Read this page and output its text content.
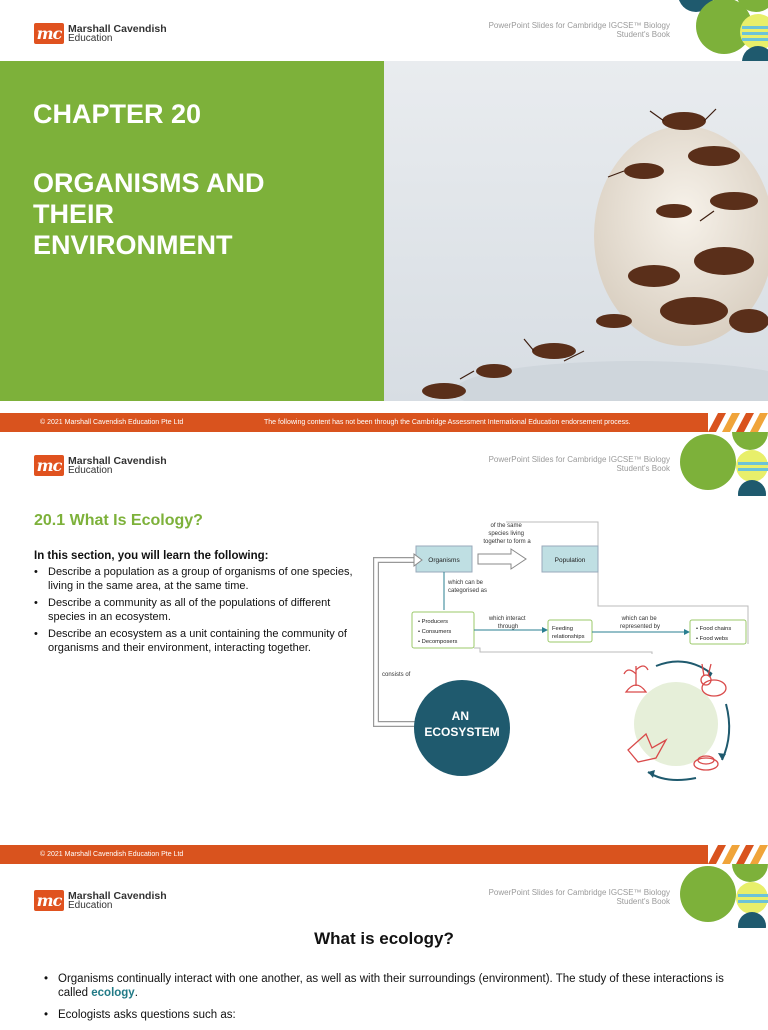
mc Marshall Cavendish
Education
PowerPoint Slides for Cambridge IGCSE™ Biology
Student's Book
CHAPTER 20
ORGANISMS AND
THEIR
ENVIRONMENT
© 2021 Marshall Cavendish Education Pte Ltd	The following content has not been through the Cambridge Assessment International Education endorsement process.
mc Marshall Cavendish
Education
PowerPoint Slides for Cambridge IGCSE™ Biology
Student's Book
20.1 What Is Ecology?
In this section, you will learn the following:
• Describe a population as a group of organisms of one species, living in the same area, at the same time.
• Describe a community as all of the populations of different species in an ecosystem.
• Describe an ecosystem as a unit containing the community of organisms and their environment, interacting together.
Organisms	Population
of the same species living together to form a
which can be categorised as
• Producers • Consumers • Decomposers
which interact through	Feeding relationships
which can be represented by	• Food chains • Food webs
consists of
AN ECOSYSTEM
© 2021 Marshall Cavendish Education Pte Ltd
mc Marshall Cavendish
Education
PowerPoint Slides for Cambridge IGCSE™ Biology
Student's Book
What is ecology?
• Organisms continually interact with one another, as well as with their surroundings (environment). The study of these interactions is called ecology.
• Ecologists asks questions such as:
